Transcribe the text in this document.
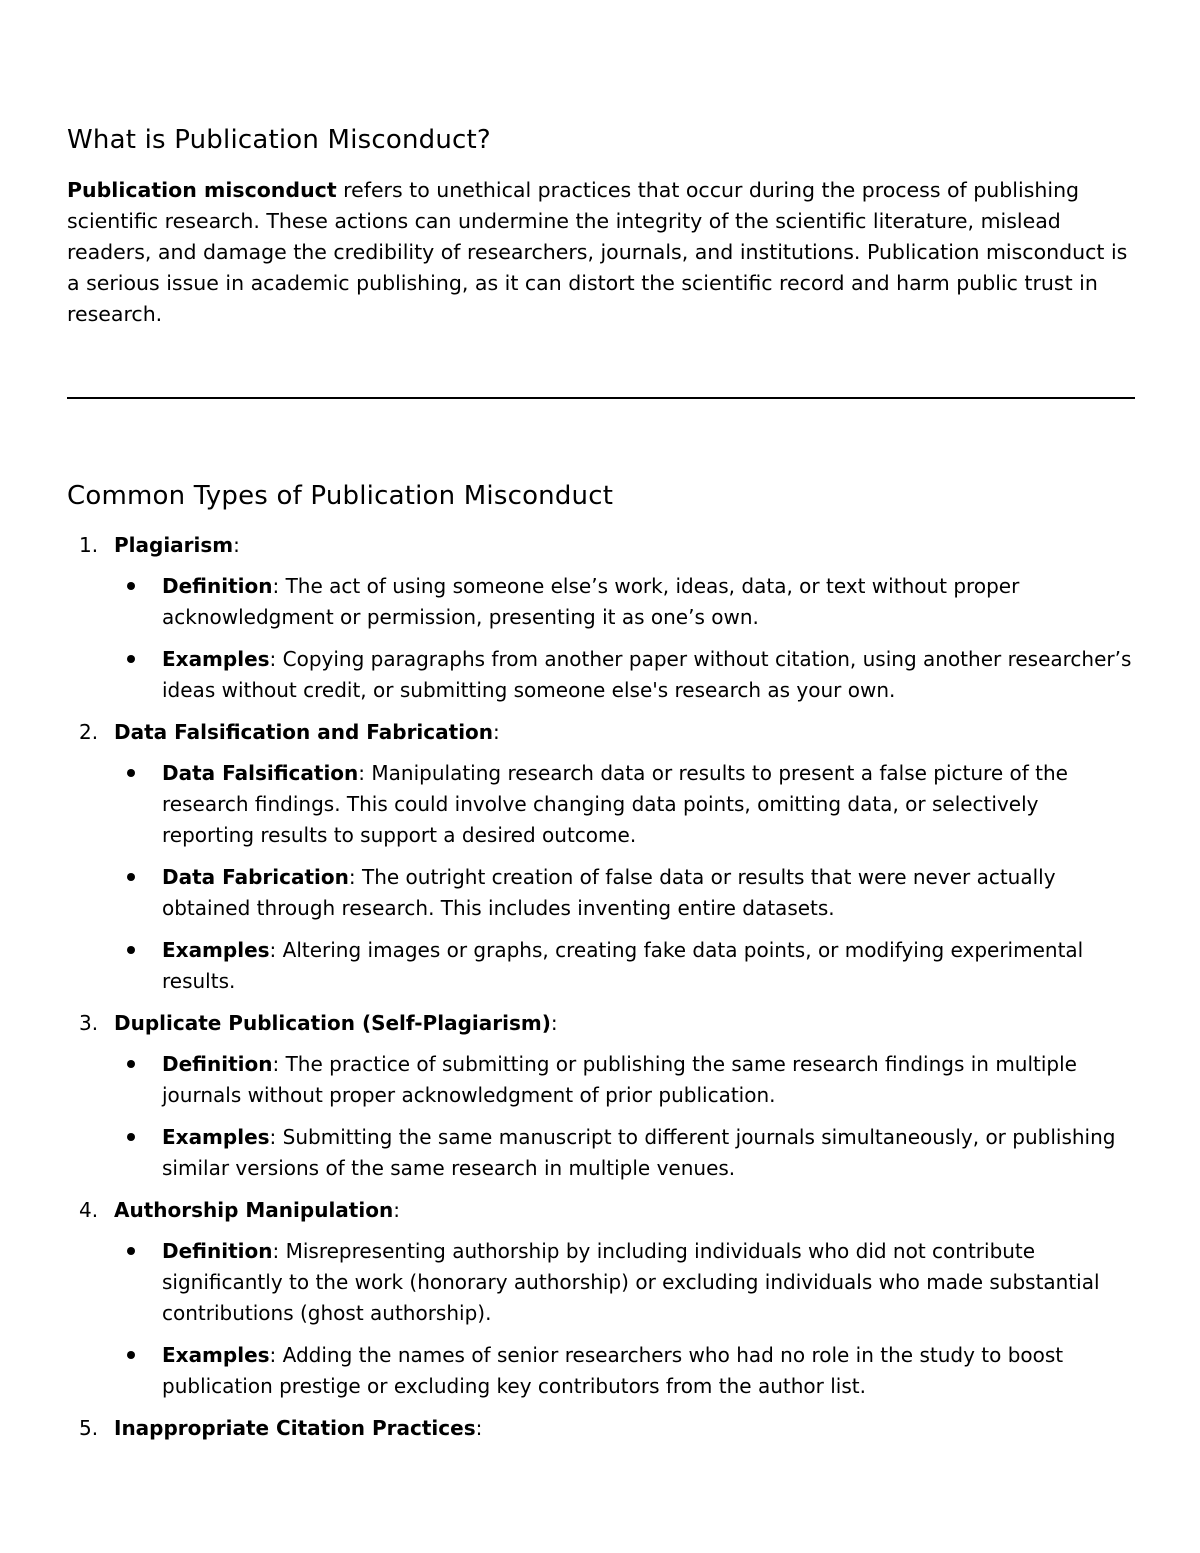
What is Publication Misconduct?

Publication misconduct refers to unethical practices that occur during the process of publishing scientific research. These actions can undermine the integrity of the scientific literature, mislead readers, and damage the credibility of researchers, journals, and institutions. Publication misconduct is a serious issue in academic publishing, as it can distort the scientific record and harm public trust in research.

Common Types of Publication Misconduct
1. Plagiarism:
Definition: The act of using someone else’s work, ideas, data, or text without proper acknowledgment or permission, presenting it as one’s own.
Examples: Copying paragraphs from another paper without citation, using another researcher’s ideas without credit, or submitting someone else's research as your own.
2. Data Falsification and Fabrication:
Data Falsification: Manipulating research data or results to present a false picture of the research findings. This could involve changing data points, omitting data, or selectively reporting results to support a desired outcome.
Data Fabrication: The outright creation of false data or results that were never actually obtained through research. This includes inventing entire datasets.
Examples: Altering images or graphs, creating fake data points, or modifying experimental results.
3. Duplicate Publication (Self-Plagiarism):
Definition: The practice of submitting or publishing the same research findings in multiple journals without proper acknowledgment of prior publication.
Examples: Submitting the same manuscript to different journals simultaneously, or publishing similar versions of the same research in multiple venues.
4. Authorship Manipulation:
Definition: Misrepresenting authorship by including individuals who did not contribute significantly to the work (honorary authorship) or excluding individuals who made substantial contributions (ghost authorship).
Examples: Adding the names of senior researchers who had no role in the study to boost publication prestige or excluding key contributors from the author list.
5. Inappropriate Citation Practices:
